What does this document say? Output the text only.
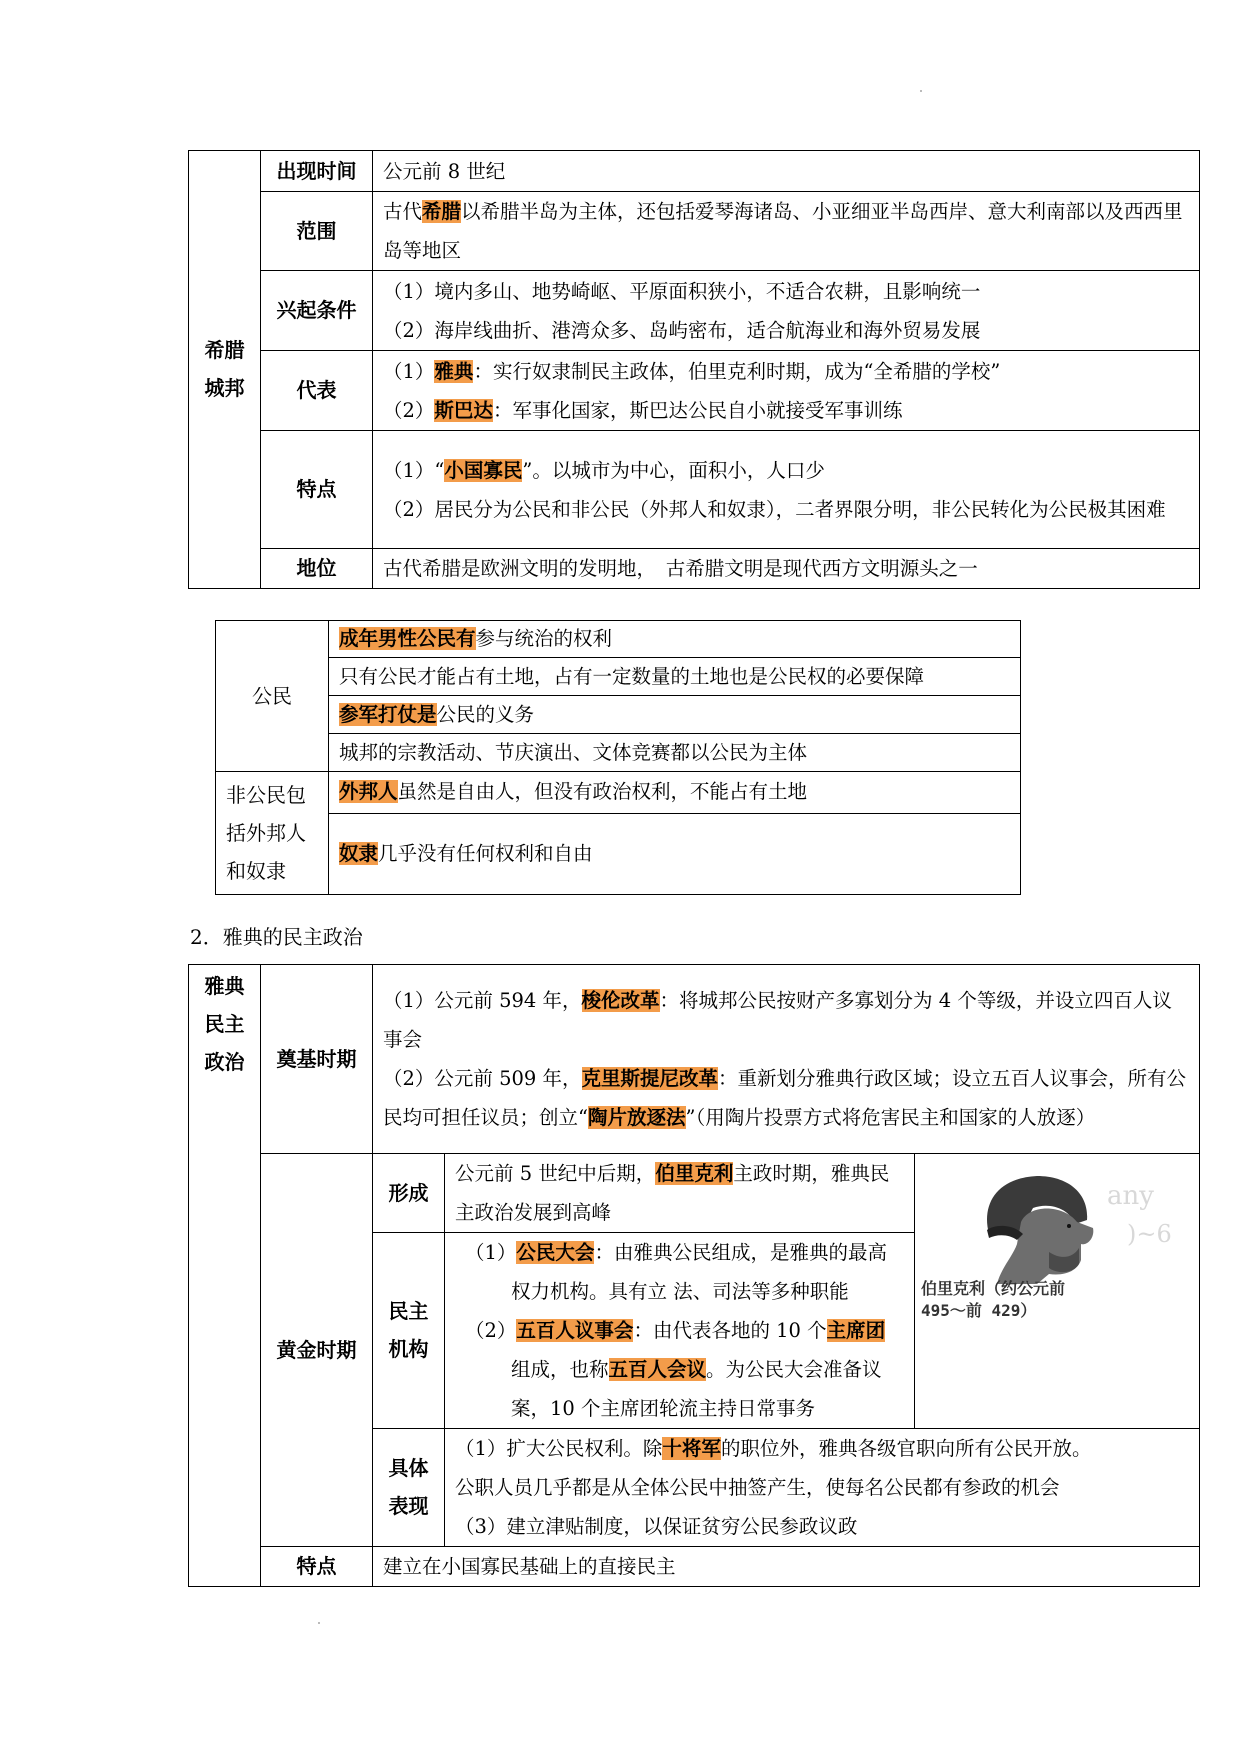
希腊城邦	出现时间	公元前 8 世纪

	范围	古代希腊以希腊半岛为主体，还包括爱琴海诸岛、小亚细亚半岛西岸、意大利南部以及西西里岛等地区

	兴起条件	（1）境内多山、地势崎岖、平原面积狭小，不适合农耕，且影响统一
（2）海岸线曲折、港湾众多、岛屿密布，适合航海业和海外贸易发展

	代表	（1）雅典：实行奴隶制民主政体，伯里克利时期，成为“全希腊的学校”
（2）斯巴达：军事化国家，斯巴达公民自小就接受军事训练

	特点	（1）“小国寡民”。以城市为中心，面积小，人口少
（2）居民分为公民和非公民（外邦人和奴隶），二者界限分明，非公民转化为公民极其困难

	地位	古代希腊是欧洲文明的发明地，　古希腊文明是现代西方文明源头之一
公民	成年男性公民有参与统治的权利
	只有公民才能占有土地，占有一定数量的土地也是公民权的必要保障
	参军打仗是公民的义务
	城邦的宗教活动、节庆演出、文体竞赛都以公民为主体
非公民包括外邦人和奴隶	外邦人虽然是自由人，但没有政治权利，不能占有土地
	奴隶几乎没有任何权利和自由
2．雅典的民主政治
雅典民主政治	奠基时期	（1）公元前 594 年，梭伦改革：将城邦公民按财产多寡划分为 4 个等级，并设立四百人议事会
（2）公元前 509 年，克里斯提尼改革：重新划分雅典行政区域；设立五百人议事会，所有公民均可担任议员；创立“陶片放逐法”（用陶片投票方式将危害民主和国家的人放逐）		

	黄金时期	形成	公元前 5 世纪中后期，伯里克利主政时期，雅典民主政治发展到高峰	any
)~6
伯里克利（约公元前
495～前 429）

		民主机构	（1）公民大会：由雅典公民组成，是雅典的最高权力机构。具有立 法、司法等多种职能
（2）五百人议事会：由代表各地的 10 个主席团组成，也称五百人会议。为公民大会准备议案，10 个主席团轮流主持日常事务	

		具体表现	（1）扩大公民权利。除十将军的职位外，雅典各级官职向所有公民开放。
公职人员几乎都是从全体公民中抽签产生，使每名公民都有参政的机会
（3）建立津贴制度，以保证贫穷公民参政议政	

	特点	建立在小国寡民基础上的直接民主		
